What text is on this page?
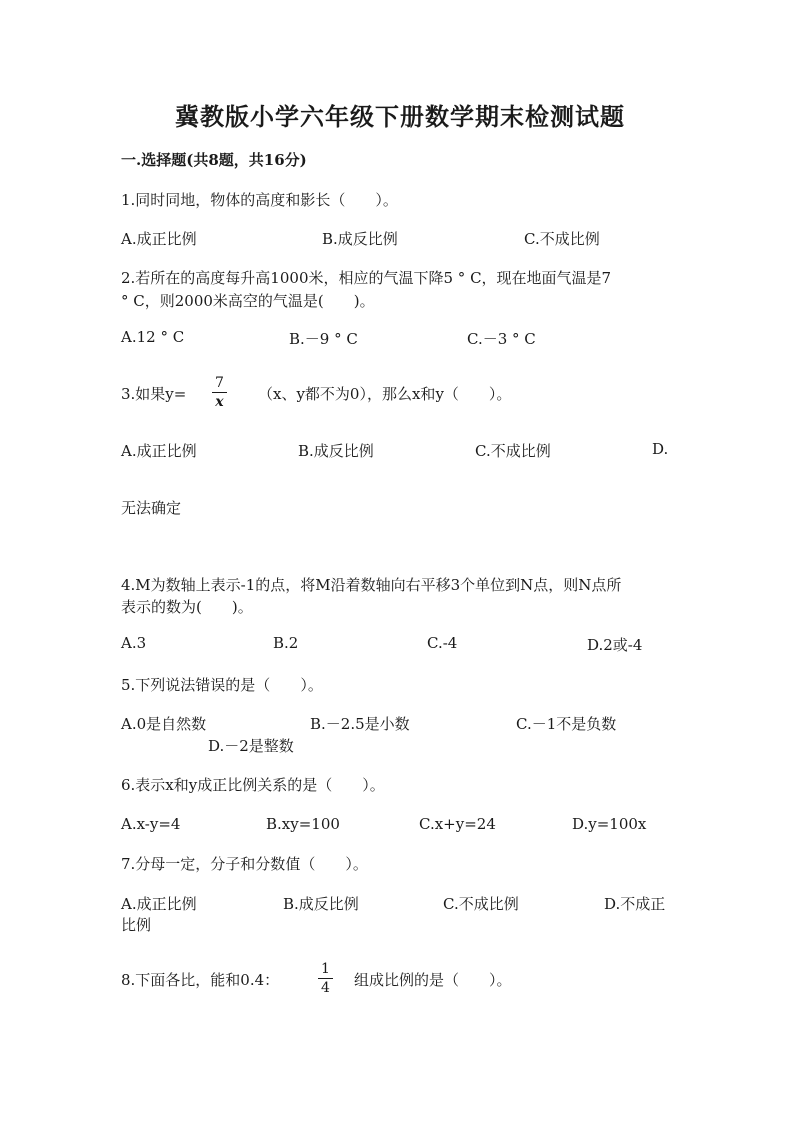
冀教版小学六年级下册数学期末检测试题
一.选择题(共8题，共16分)
1.同时同地，物体的高度和影长（　　）。
A.成正比例	B.成反比例	C.不成比例
2.若所在的高度每升高1000米，相应的气温下降5 ° C，现在地面气温是7
° C，则2000米高空的气温是(　　)。
A.12 ° C	B.－9 ° C	C.－3 ° C
3.如果$y= \frac{7}{x} (x$、y都不为0），那么x和y（　　）。
A.成正比例	B.成反比例	C.不成比例	D.
无法确定
4.M为数轴上表示-1的点，将M沿着数轴向右平移3个单位到N点，则N点所
表示的数为(　　)。
A.3	B.2	C.-4	D.2或-4
5.下列说法错误的是（　　）。
A.0是自然数	B.－2.5是小数	C.－1不是负数
D.－2是整数
6.表示x和y成正比例关系的是（　　）。
A.x-y=4	B.xy=100	C.x+y=24	D.y=100x
7.分母一定，分子和分数值（　　）。
A.成正比例	B.成反比例	C.不成比例	D.不成正
比例
8.下面各比，能和0.4：	$\frac{1}{4}$ 组成比例的是（　　）。
